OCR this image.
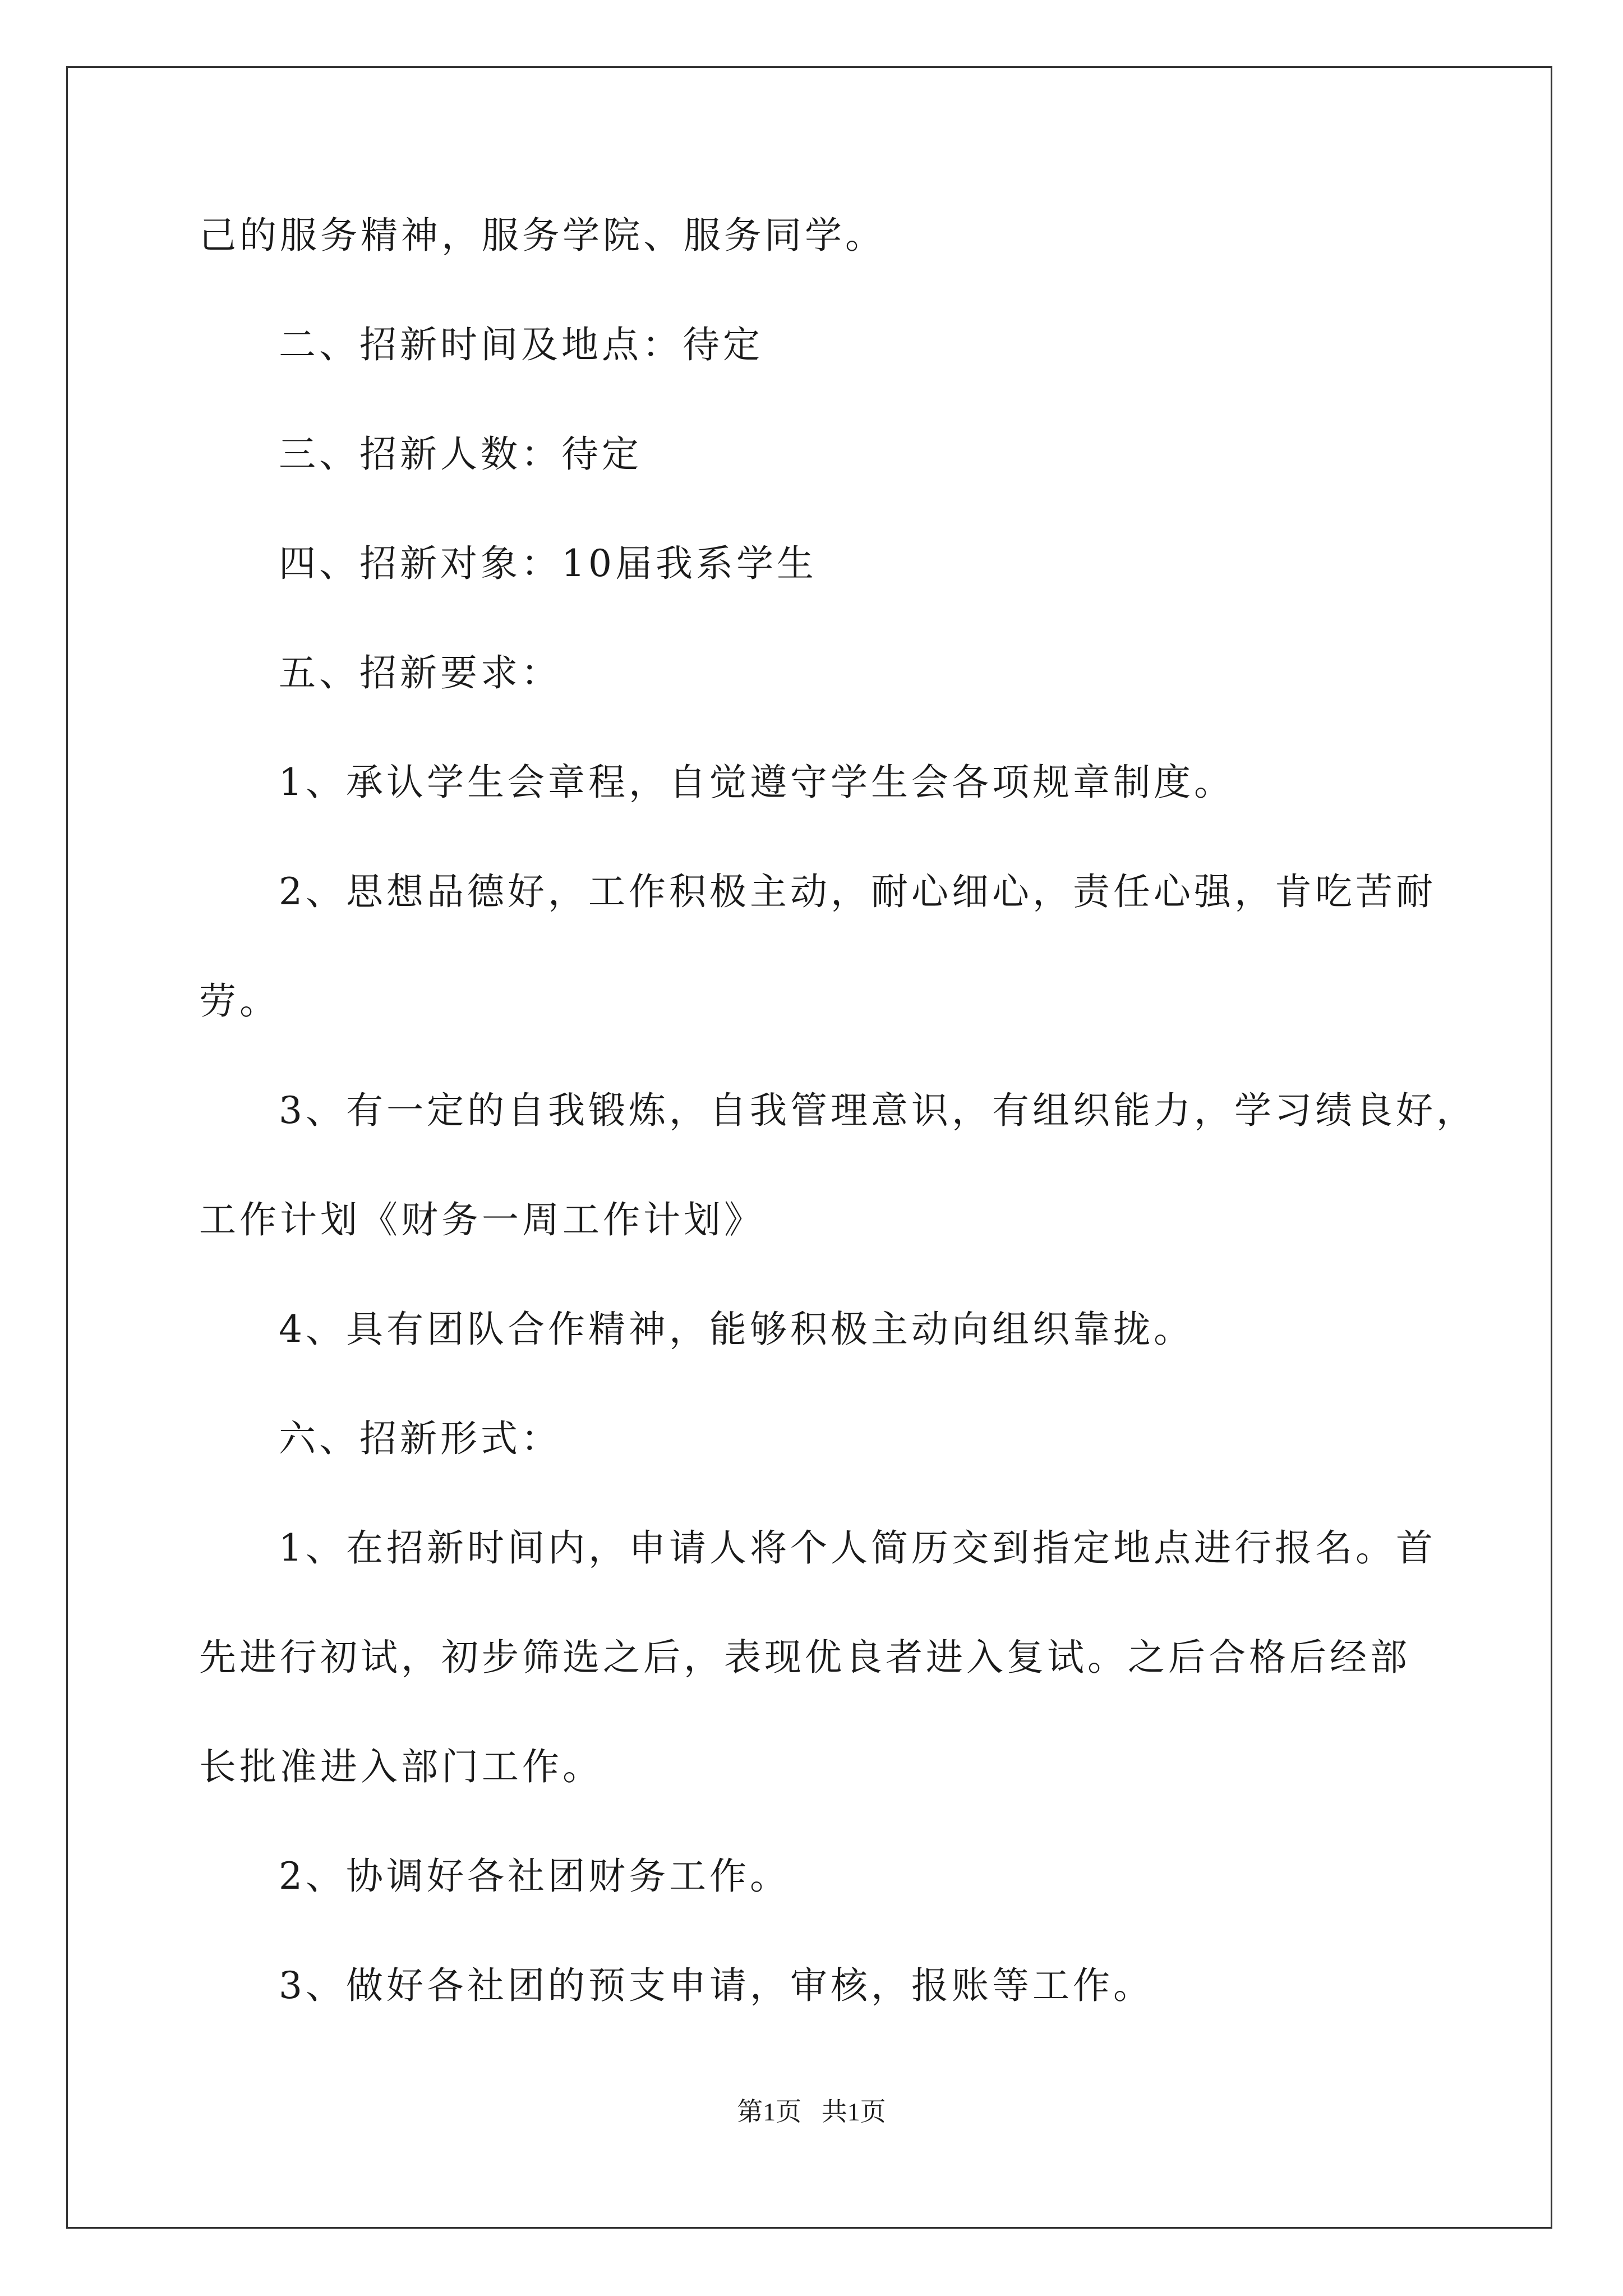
己的服务精神，服务学院、服务同学。
二、招新时间及地点：待定
三、招新人数：待定
四、招新对象：10届我系学生
五、招新要求：
1、承认学生会章程，自觉遵守学生会各项规章制度。
2、思想品德好，工作积极主动，耐心细心，责任心强，肯吃苦耐
劳。
3、有一定的自我锻炼，自我管理意识，有组织能力，学习绩良好，
工作计划《财务一周工作计划》
4、具有团队合作精神，能够积极主动向组织靠拢。
六、招新形式：
1、在招新时间内，申请人将个人简历交到指定地点进行报名。首
先进行初试，初步筛选之后，表现优良者进入复试。之后合格后经部
长批准进入部门工作。
2、协调好各社团财务工作。
3、做好各社团的预支申请，审核，报账等工作。
第1页 共1页
